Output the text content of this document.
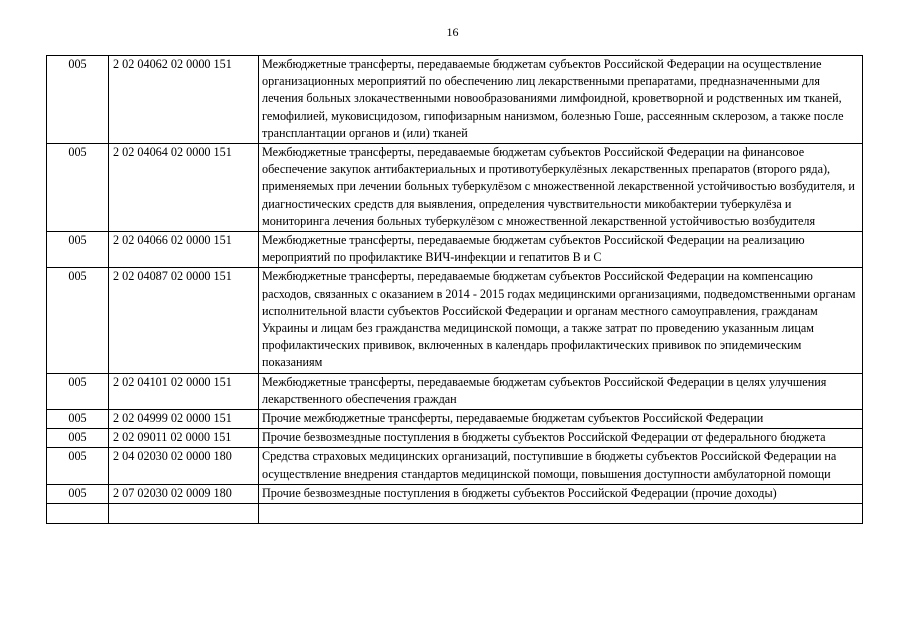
16
005	2 02 04062 02 0000 151	Межбюджетные трансферты, передаваемые бюджетам субъектов Российской Федерации на осуществление организационных мероприятий по обеспечению лиц лекарственными препаратами, предназначенными для лечения больных злокачественными новообразованиями лимфоидной, кроветворной и родственных им тканей, гемофилией, муковисцидозом, гипофизарным нанизмом, болезнью Гоше, рассеянным склерозом, а также после трансплантации органов и (или) тканей
005	2 02 04064 02 0000 151	Межбюджетные трансферты, передаваемые бюджетам субъектов Российской Федерации на финансовое обеспечение закупок антибактериальных и противотуберкулёзных лекарственных препаратов (второго ряда), применяемых при лечении больных туберкулёзом с множественной лекарственной устойчивостью возбудителя, и диагностических средств для выявления, определения чувствительности микобактерии туберкулёза и мониторинга лечения больных туберкулёзом с множественной лекарственной устойчивостью возбудителя
005	2 02 04066 02 0000 151	Межбюджетные трансферты, передаваемые бюджетам субъектов Российской Федерации на реализацию мероприятий по профилактике ВИЧ-инфекции и гепатитов В и С
005	2 02 04087 02 0000 151	Межбюджетные трансферты, передаваемые бюджетам субъектов Российской Федерации на компенсацию расходов, связанных с оказанием в 2014 - 2015 годах медицинскими организациями, подведомственными органам исполнительной власти субъектов Российской Федерации и органам местного самоуправления, гражданам Украины и лицам без гражданства медицинской помощи, а также затрат по проведению указанным лицам профилактических прививок, включенных в календарь профилактических прививок по эпидемическим показаниям
005	2 02 04101 02 0000 151	Межбюджетные трансферты, передаваемые бюджетам субъектов Российской Федерации в целях улучшения лекарственного обеспечения граждан
005	2 02 04999 02 0000 151	Прочие межбюджетные трансферты, передаваемые бюджетам субъектов Российской Федерации
005	2 02 09011 02 0000 151	Прочие безвозмездные поступления в бюджеты субъектов Российской Федерации от федерального бюджета
005	2 04 02030 02 0000 180	Средства страховых медицинских организаций, поступившие в бюджеты субъектов Российской Федерации на осуществление внедрения стандартов медицинской помощи, повышения доступности амбулаторной помощи
005	2 07 02030 02 0009 180	Прочие безвозмездные поступления в бюджеты субъектов Российской Федерации (прочие доходы)
